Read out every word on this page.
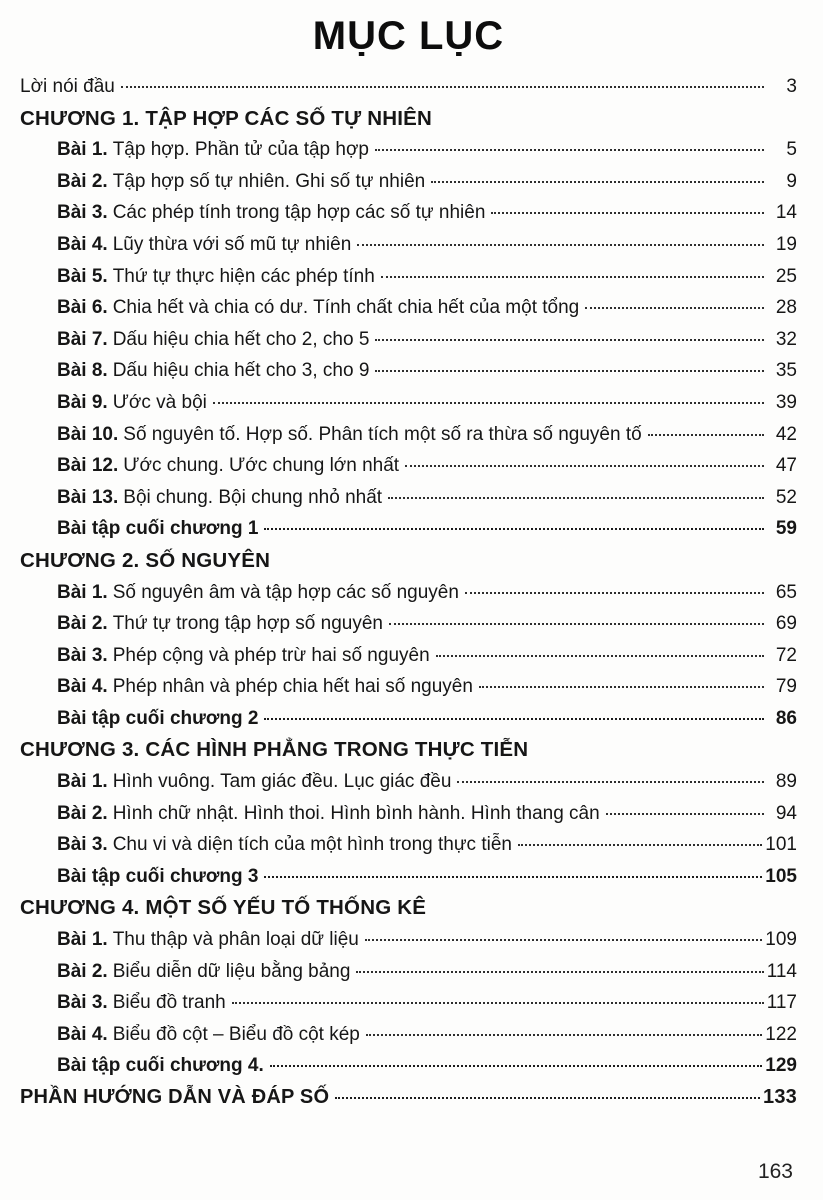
MỤC LỤC
Lời nói đầu	3
CHƯƠNG 1. TẬP HỢP CÁC SỐ TỰ NHIÊN
Bài 1. Tập hợp. Phần tử của tập hợp	5
Bài 2. Tập hợp số tự nhiên. Ghi số tự nhiên	9
Bài 3. Các phép tính trong tập hợp các số tự nhiên	14
Bài 4. Lũy thừa với số mũ tự nhiên	19
Bài 5. Thứ tự thực hiện các phép tính	25
Bài 6. Chia hết và chia có dư. Tính chất chia hết của một tổng	28
Bài 7. Dấu hiệu chia hết cho 2, cho 5	32
Bài 8. Dấu hiệu chia hết cho 3, cho 9	35
Bài 9. Ước và bội	39
Bài 10. Số nguyên tố. Hợp số. Phân tích một số ra thừa số nguyên tố	42
Bài 12. Ước chung. Ước chung lớn nhất	47
Bài 13. Bội chung. Bội chung nhỏ nhất	52
Bài tập cuối chương 1	59
CHƯƠNG 2. SỐ NGUYÊN
Bài 1. Số nguyên âm và tập hợp các số nguyên	65
Bài 2. Thứ tự trong tập hợp số nguyên	69
Bài 3. Phép cộng và phép trừ hai số nguyên	72
Bài 4. Phép nhân và phép chia hết hai số nguyên	79
Bài tập cuối chương 2	86
CHƯƠNG 3. CÁC HÌNH PHẲNG TRONG THỰC TIỄN
Bài 1. Hình vuông. Tam giác đều. Lục giác đều	89
Bài 2. Hình chữ nhật. Hình thoi. Hình bình hành. Hình thang cân	94
Bài 3. Chu vi và diện tích của một hình trong thực tiễn	101
Bài tập cuối chương 3	105
CHƯƠNG 4. MỘT SỐ YẾU TỐ THỐNG KÊ
Bài 1. Thu thập và phân loại dữ liệu	109
Bài 2. Biểu diễn dữ liệu bằng bảng	114
Bài 3. Biểu đồ tranh	117
Bài 4. Biểu đồ cột – Biểu đồ cột kép	122
Bài tập cuối chương 4.	129
PHẦN HƯỚNG DẪN VÀ ĐÁP SỐ	133
163
